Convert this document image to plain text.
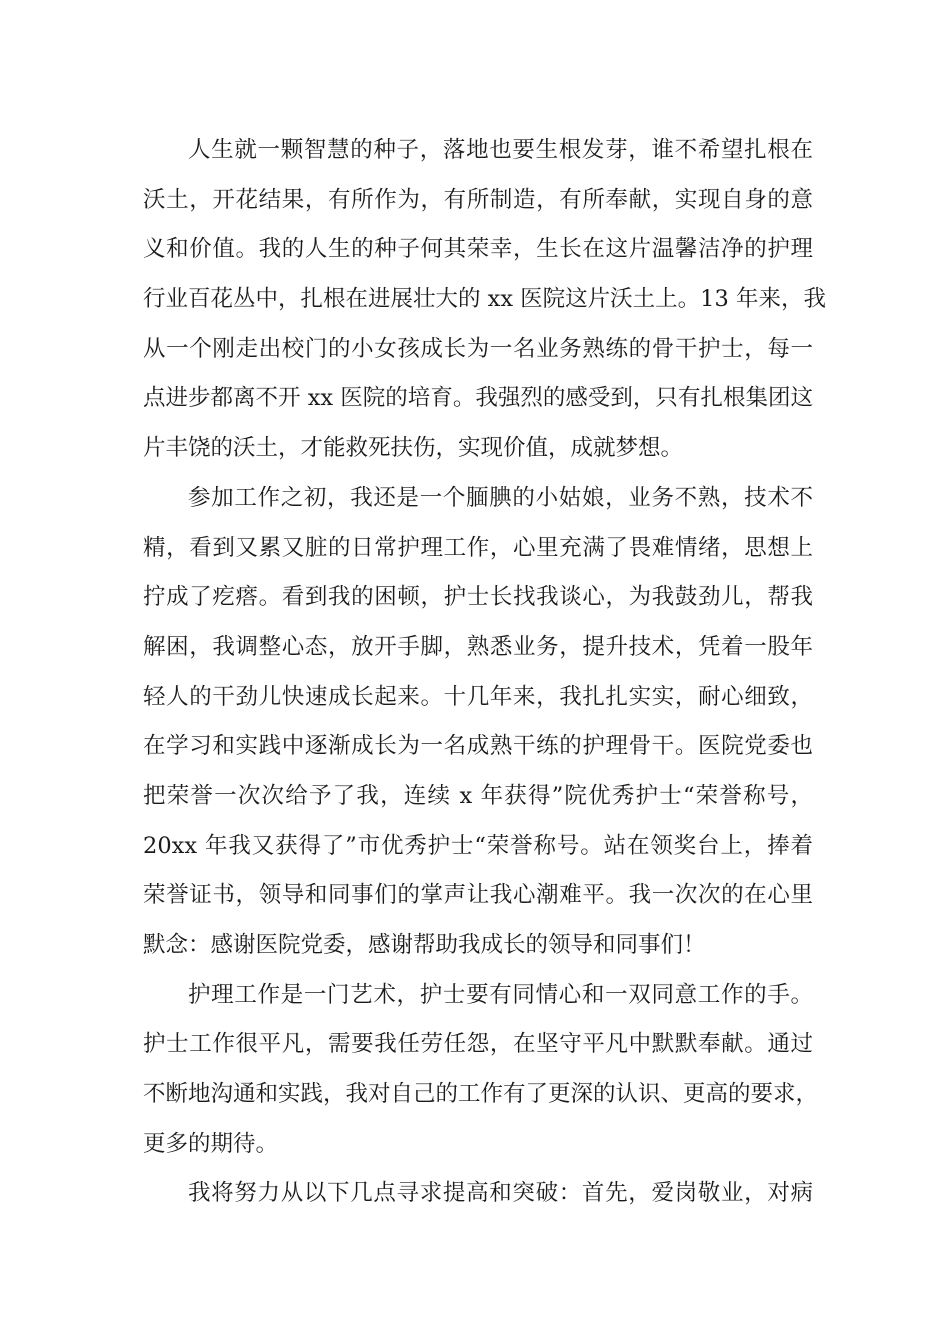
人生就一颗智慧的种子，落地也要生根发芽，谁不希望扎根在
沃土，开花结果，有所作为，有所制造，有所奉献，实现自身的意
义和价值。我的人生的种子何其荣幸，生长在这片温馨洁净的护理
行业百花丛中，扎根在进展壮大的 xx 医院这片沃土上。13 年来，我
从一个刚走出校门的小女孩成长为一名业务熟练的骨干护士，每一
点进步都离不开 xx 医院的培育。我强烈的感受到，只有扎根集团这
片丰饶的沃土，才能救死扶伤，实现价值，成就梦想。
参加工作之初，我还是一个腼腆的小姑娘，业务不熟，技术不
精，看到又累又脏的日常护理工作，心里充满了畏难情绪，思想上
拧成了疙瘩。看到我的困顿，护士长找我谈心，为我鼓劲儿，帮我
解困，我调整心态，放开手脚，熟悉业务，提升技术，凭着一股年
轻人的干劲儿快速成长起来。十几年来，我扎扎实实，耐心细致，
在学习和实践中逐渐成长为一名成熟干练的护理骨干。医院党委也
把荣誉一次次给予了我，连续 x 年获得”院优秀护士“荣誉称号，
20xx 年我又获得了”市优秀护士“荣誉称号。站在领奖台上，捧着
荣誉证书，领导和同事们的掌声让我心潮难平。我一次次的在心里
默念：感谢医院党委，感谢帮助我成长的领导和同事们！
护理工作是一门艺术，护士要有同情心和一双同意工作的手。
护士工作很平凡，需要我任劳任怨，在坚守平凡中默默奉献。通过
不断地沟通和实践，我对自己的工作有了更深的认识、更高的要求，
更多的期待。
我将努力从以下几点寻求提高和突破：首先，爱岗敬业，对病
